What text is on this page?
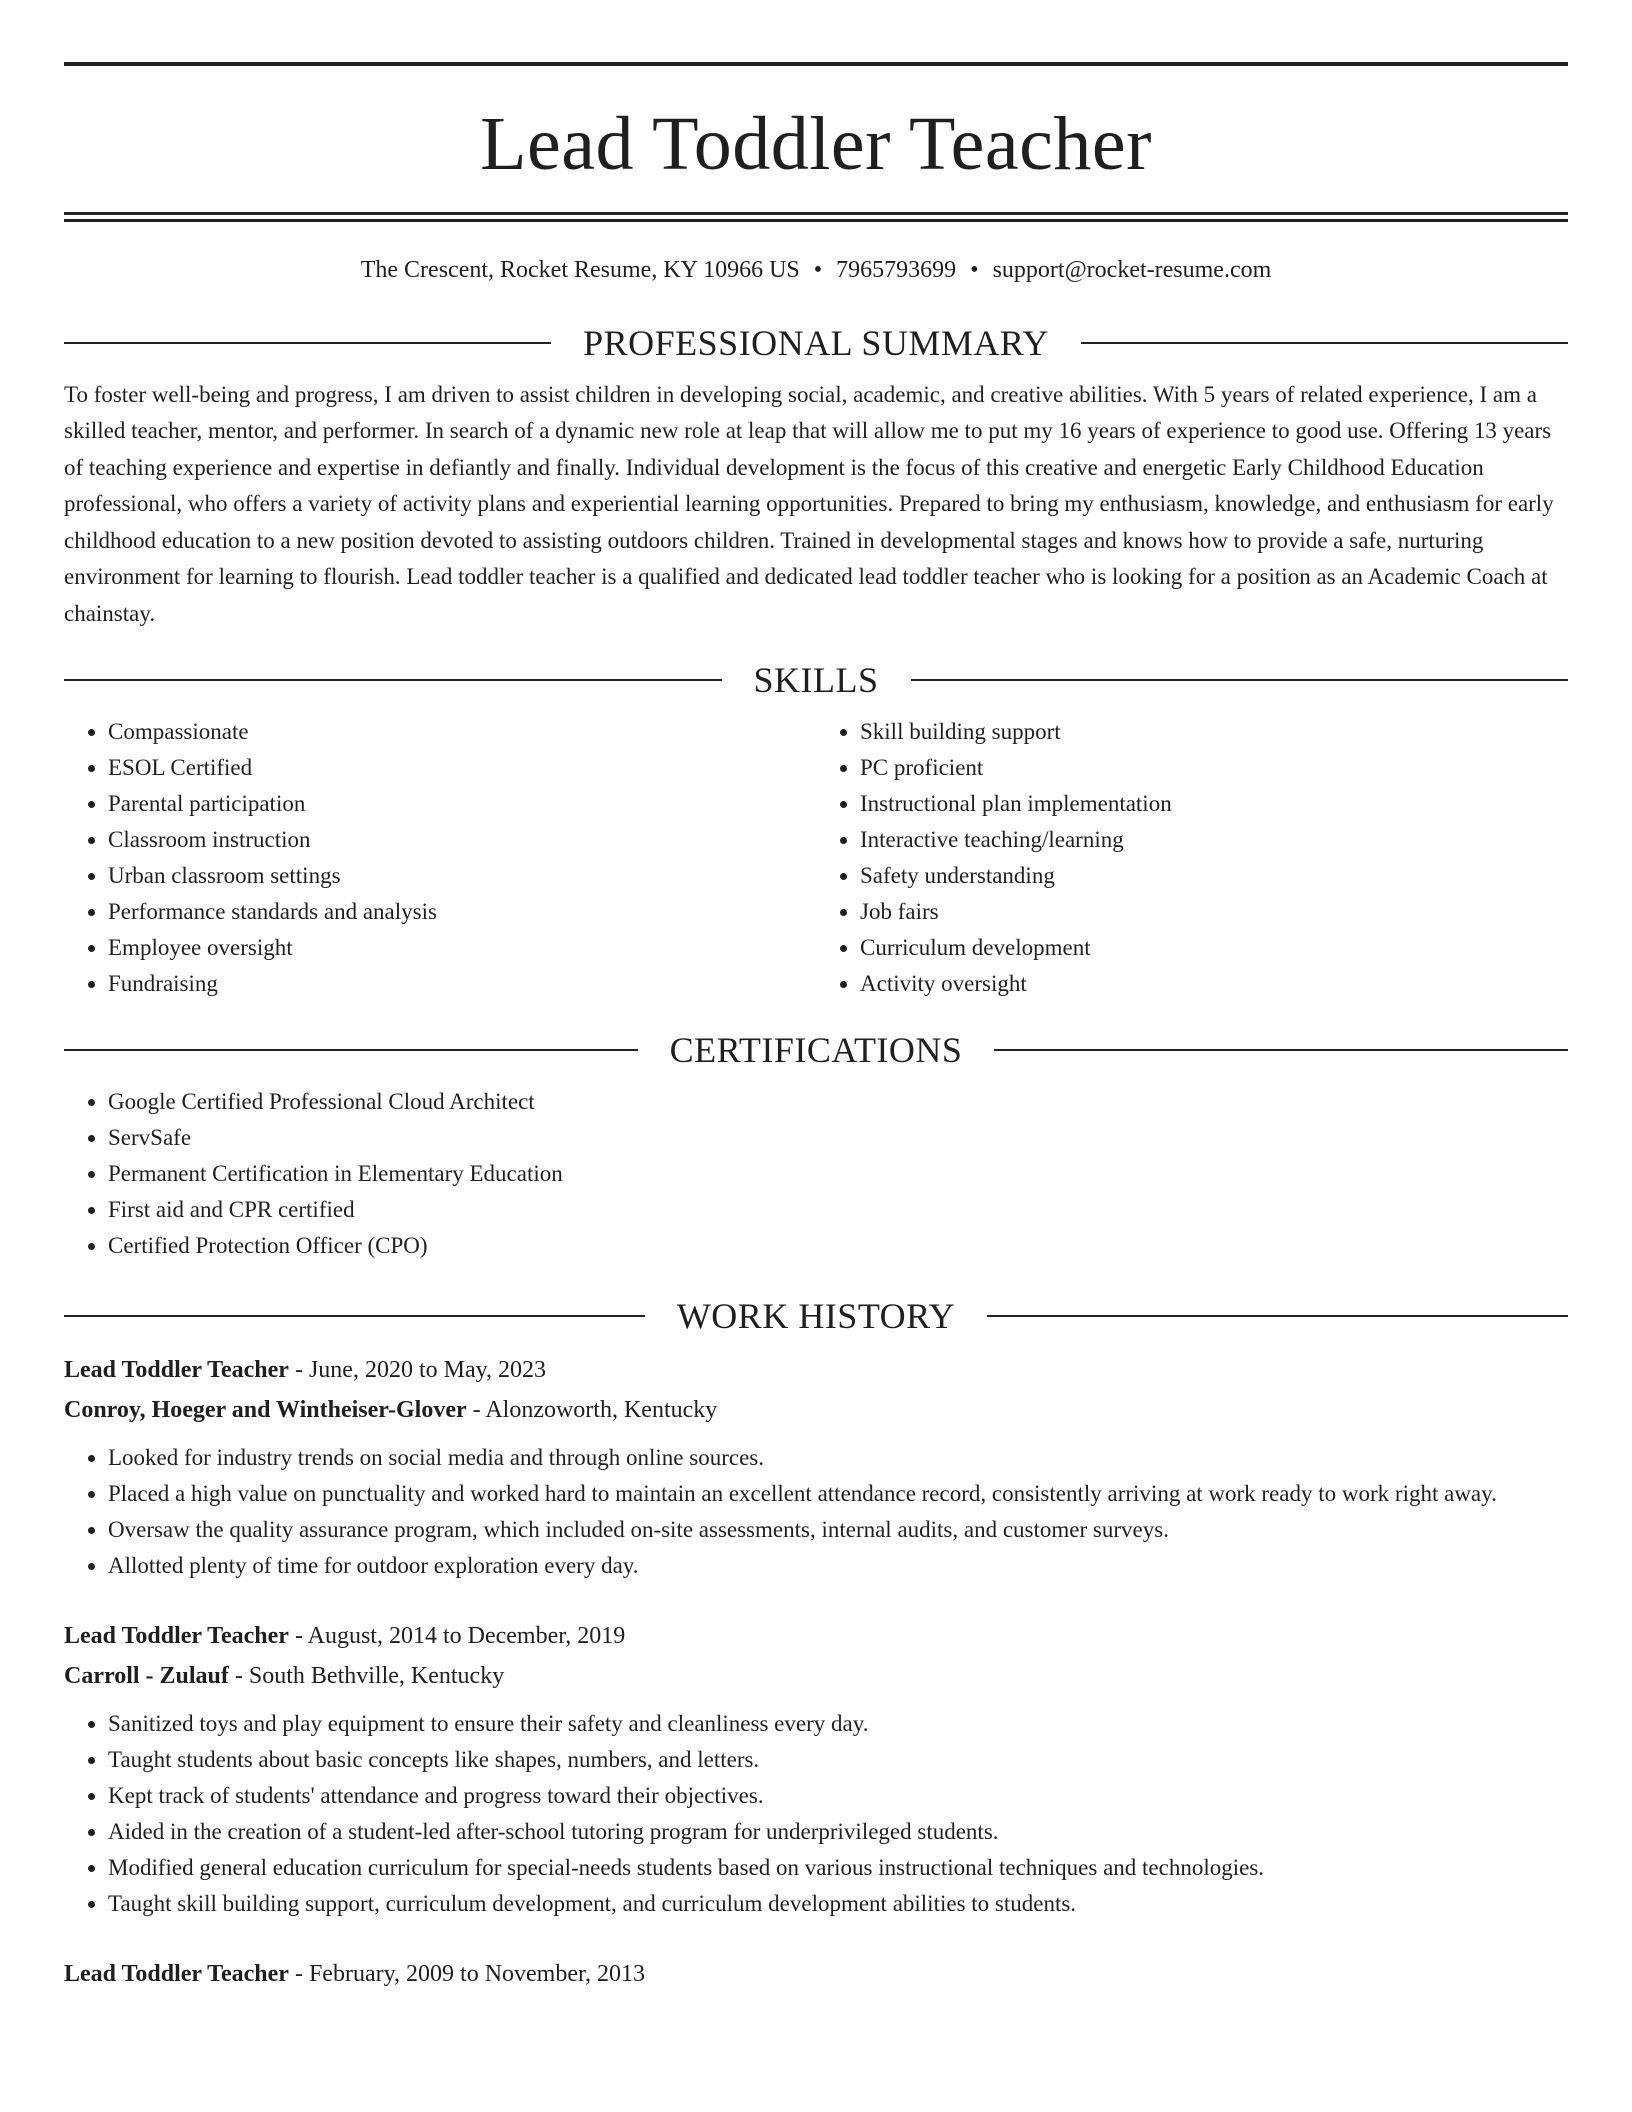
Lead Toddler Teacher
The Crescent, Rocket Resume, KY 10966 US • 7965793699 • support@rocket-resume.com
PROFESSIONAL SUMMARY

To foster well-being and progress, I am driven to assist children in developing social, academic, and creative abilities. With 5 years of related experience, I am a skilled teacher, mentor, and performer. In search of a dynamic new role at leap that will allow me to put my 16 years of experience to good use. Offering 13 years of teaching experience and expertise in defiantly and finally. Individual development is the focus of this creative and energetic Early Childhood Education professional, who offers a variety of activity plans and experiential learning opportunities. Prepared to bring my enthusiasm, knowledge, and enthusiasm for early childhood education to a new position devoted to assisting outdoors children. Trained in developmental stages and knows how to provide a safe, nurturing environment for learning to flourish. Lead toddler teacher is a qualified and dedicated lead toddler teacher who is looking for a position as an Academic Coach at chainstay.

SKILLS
• Compassionate
• ESOL Certified
• Parental participation
• Classroom instruction
• Urban classroom settings
• Performance standards and analysis
• Employee oversight
• Fundraising
• Skill building support
• PC proficient
• Instructional plan implementation
• Interactive teaching/learning
• Safety understanding
• Job fairs
• Curriculum development
• Activity oversight
CERTIFICATIONS
• Google Certified Professional Cloud Architect
• ServSafe
• Permanent Certification in Elementary Education
• First aid and CPR certified
• Certified Protection Officer (CPO)
WORK HISTORY
Lead Toddler Teacher - June, 2020 to May, 2023
Conroy, Hoeger and Wintheiser-Glover - Alonzoworth, Kentucky
• Looked for industry trends on social media and through online sources.
• Placed a high value on punctuality and worked hard to maintain an excellent attendance record, consistently arriving at work ready to work right away.
• Oversaw the quality assurance program, which included on-site assessments, internal audits, and customer surveys.
• Allotted plenty of time for outdoor exploration every day.
Lead Toddler Teacher - August, 2014 to December, 2019
Carroll - Zulauf - South Bethville, Kentucky
• Sanitized toys and play equipment to ensure their safety and cleanliness every day.
• Taught students about basic concepts like shapes, numbers, and letters.
• Kept track of students' attendance and progress toward their objectives.
• Aided in the creation of a student-led after-school tutoring program for underprivileged students.
• Modified general education curriculum for special-needs students based on various instructional techniques and technologies.
• Taught skill building support, curriculum development, and curriculum development abilities to students.
Lead Toddler Teacher - February, 2009 to November, 2013
